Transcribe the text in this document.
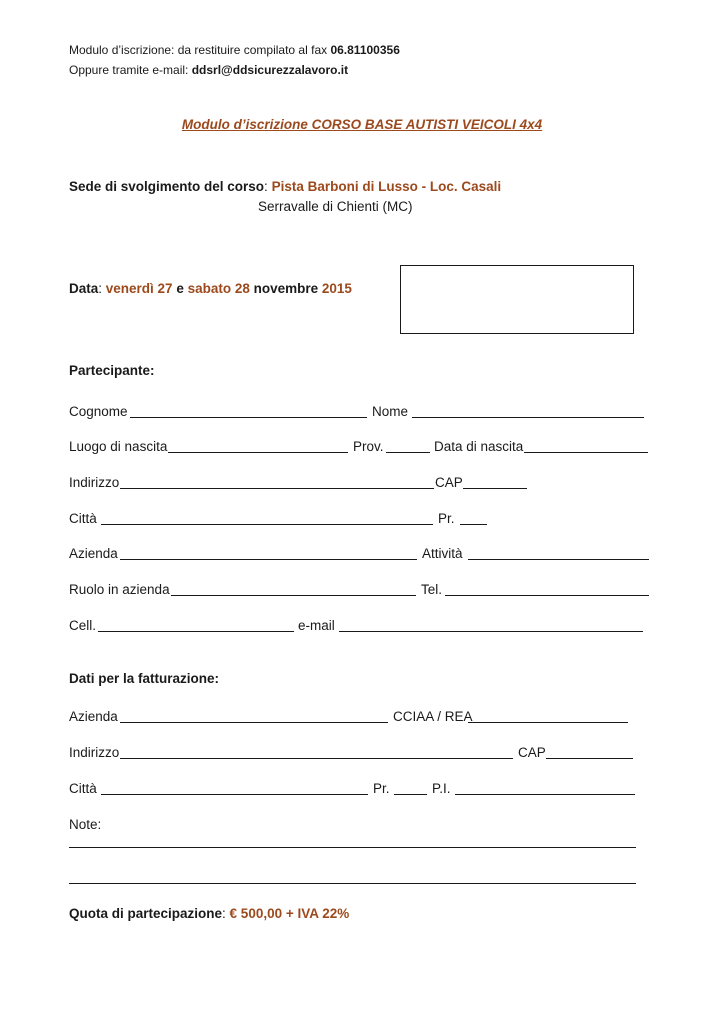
Modulo d’iscrizione: da restituire compilato al fax 06.81100356
Oppure tramite e-mail: ddsrl@ddsicurezzalavoro.it
Modulo d’iscrizione CORSO BASE AUTISTI VEICOLI 4x4
Sede di svolgimento del corso: Pista Barboni di Lusso - Loc. Casali
Serravalle di Chienti (MC)
Data: venerdì 27 e sabato 28 novembre 2015
Partecipante:
Cognome	Nome
Luogo di nascita	Prov.	Data di nascita
Indirizzo	CAP
Città	Pr.
Azienda	Attività
Ruolo in azienda	Tel.
Cell.	e-mail
Dati per la fatturazione:
Azienda	CCIAA / REA
Indirizzo	CAP
Città	Pr.	P.I.
Note:
Quota di partecipazione: € 500,00 + IVA 22%
